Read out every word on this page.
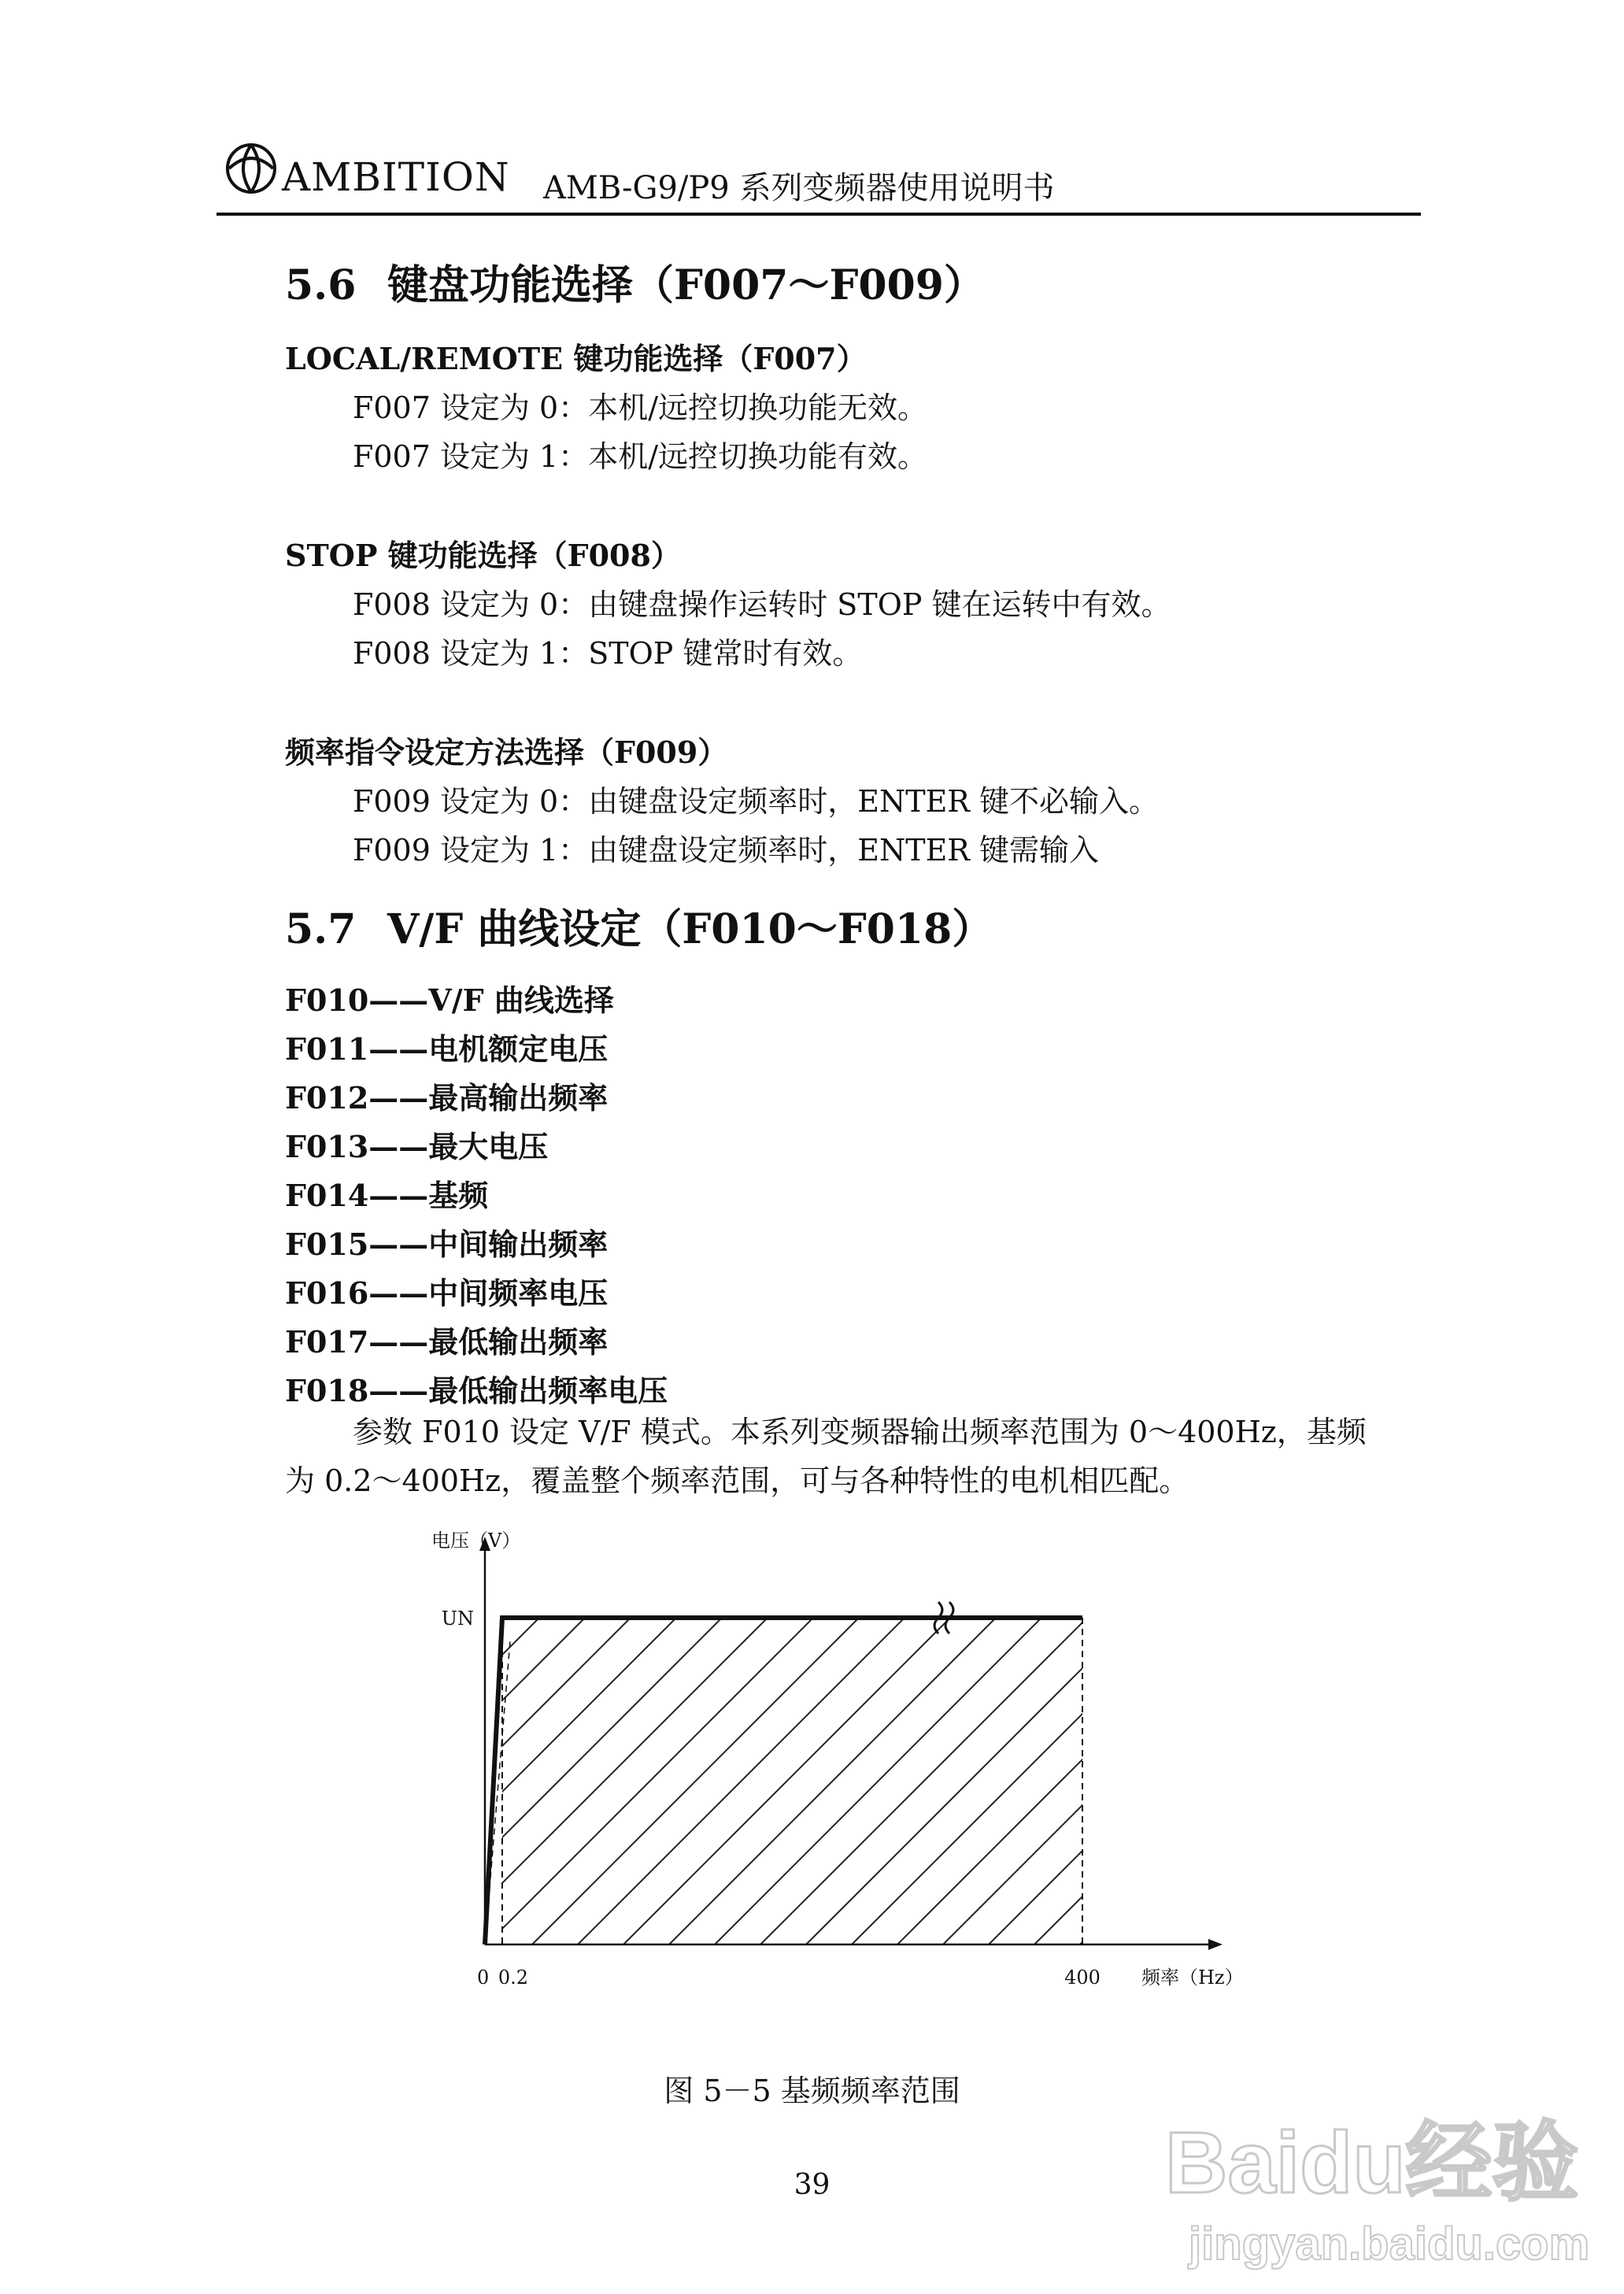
AMBITION AMB-G9/P9 系列变频器使用说明书
5.6 键盘功能选择（F007～F009）
LOCAL/REMOTE 键功能选择（F007）
F007 设定为 0：本机/远控切换功能无效。
F007 设定为 1：本机/远控切换功能有效。
STOP 键功能选择（F008）
F008 设定为 0：由键盘操作运转时 STOP 键在运转中有效。
F008 设定为 1：STOP 键常时有效。
频率指令设定方法选择（F009）
F009 设定为 0：由键盘设定频率时，ENTER 键不必输入。
F009 设定为 1：由键盘设定频率时，ENTER 键需输入
5.7 V/F 曲线设定（F010～F018）
F010——V/F 曲线选择
F011——电机额定电压
F012——最高输出频率
F013——最大电压
F014——基频
F015——中间输出频率
F016——中间频率电压
F017——最低输出频率
F018——最低输出频率电压
参数 F010 设定 V/F 模式。本系列变频器输出频率范围为 0～400Hz，基频为 0.2～400Hz，覆盖整个频率范围，可与各种特性的电机相匹配。
电压（V）
UN
0 0.2	400 频率（Hz）
图 5－5 基频频率范围
39	Baidu经验
jingyan.baidu.com
